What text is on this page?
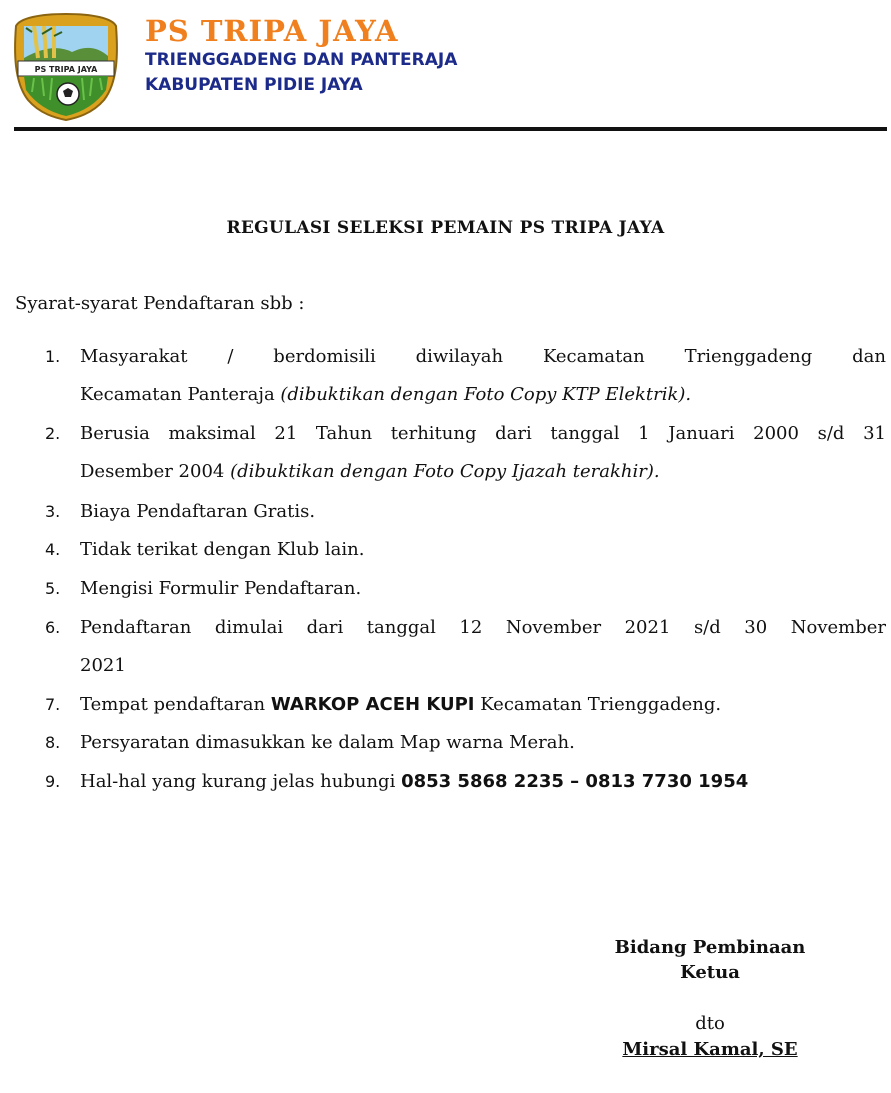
PS TRIPA JAYA
PS TRIPA JAYA
TRIENGGADENG DAN PANTERAJA
KABUPATEN PIDIE JAYA
REGULASI SELEKSI PEMAIN PS TRIPA JAYA
Syarat-syarat Pendaftaran sbb :
1. Masyarakat / berdomisili diwilayah Kecamatan Trienggadeng dan
Kecamatan Panteraja (dibuktikan dengan Foto Copy KTP Elektrik).
2. Berusia maksimal 21 Tahun terhitung dari tanggal 1 Januari 2000 s/d 31
Desember 2004 (dibuktikan dengan Foto Copy Ijazah terakhir).
3. Biaya Pendaftaran Gratis.
4. Tidak terikat dengan Klub lain.
5. Mengisi Formulir Pendaftaran.
6. Pendaftaran dimulai dari tanggal 12 November 2021 s/d 30 November
2021
7. Tempat pendaftaran WARKOP ACEH KUPI Kecamatan Trienggadeng.
8. Persyaratan dimasukkan ke dalam Map warna Merah.
9. Hal-hal yang kurang jelas hubungi 0853 5868 2235 – 0813 7730 1954
Bidang Pembinaan
Ketua
dto
Mirsal Kamal, SE
